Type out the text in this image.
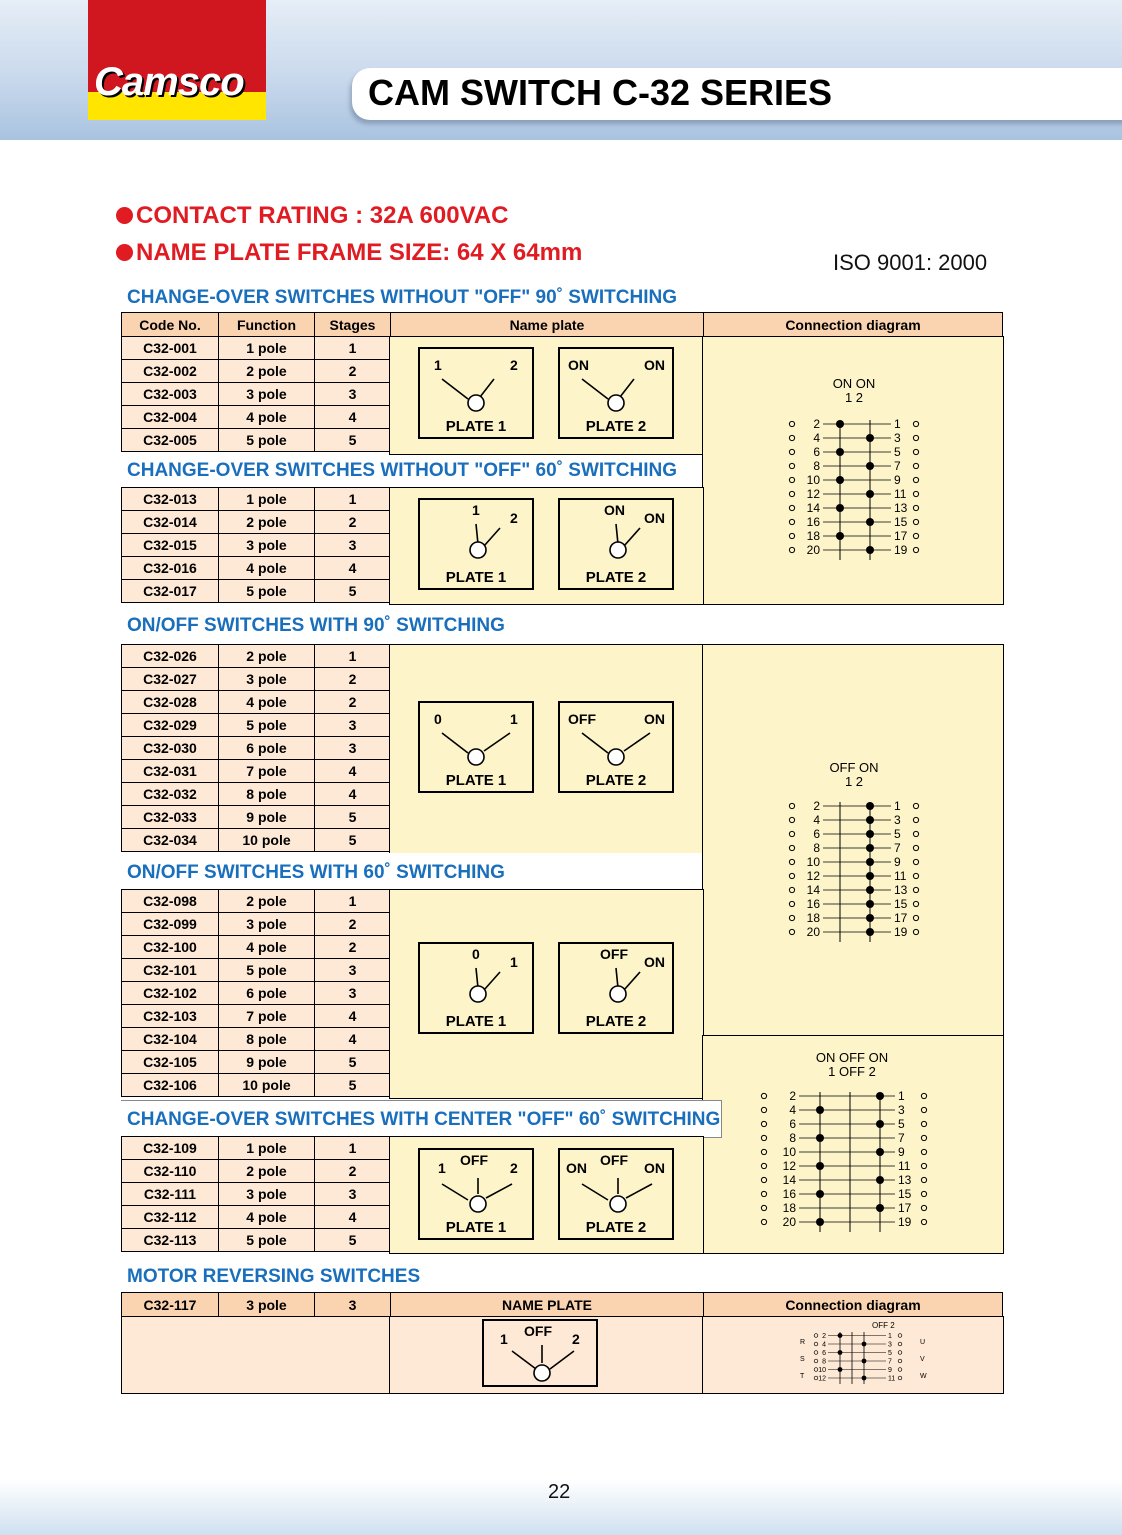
Camsco	CAM SWITCH C-32 SERIES
CONTACT RATING : 32A 600VAC
NAME PLATE FRAME SIZE: 64 X 64mm	ISO 9001: 2000
CHANGE-OVER SWITCHES WITHOUT "OFF" 90˚ SWITCHING
Code No.	Function	Stages	Name plate	Connection diagram
C32-001	1 pole	1
C32-002	2 pole	2
C32-003	3 pole	3
C32-004	4 pole	4
C32-005	5 pole	5
1	2
PLATE 1
ON	ON
PLATE 2
ON ON
1 2
2	1
4	3
6	5
8	7
10	9
12	11
14	13
16	15
18	17
20	19
CHANGE-OVER SWITCHES WITHOUT "OFF" 60˚ SWITCHING
C32-013	1 pole	1
C32-014	2 pole	2
C32-015	3 pole	3
C32-016	4 pole	4
C32-017	5 pole	5
1 2
PLATE 1
ON ON
PLATE 2
ON/OFF SWITCHES WITH 90˚ SWITCHING
C32-026	2 pole	1
C32-027	3 pole	2
C32-028	4 pole	2
C32-029	5 pole	3
C32-030	6 pole	3
C32-031	7 pole	4
C32-032	8 pole	4
C32-033	9 pole	5
C32-034	10 pole	5
0	1
PLATE 1
OFF	ON
PLATE 2
OFF ON
1 2
2	1
4	3
6	5
8	7
10	9
12	11
14	13
16	15
18	17
20	19
ON/OFF SWITCHES WITH 60˚ SWITCHING
C32-098	2 pole	1
C32-099	3 pole	2
C32-100	4 pole	2
C32-101	5 pole	3
C32-102	6 pole	3
C32-103	7 pole	4
C32-104	8 pole	4
C32-105	9 pole	5
C32-106	10 pole	5
0 1
PLATE 1
OFF ON
PLATE 2
ON OFF ON
1 OFF 2
2	1
4	3
6	5
8	7
10	9
12	11
14	13
16	15
18	17
20	19
CHANGE-OVER SWITCHES WITH CENTER "OFF" 60˚ SWITCHING
C32-109	1 pole	1
C32-110	2 pole	2
C32-111	3 pole	3
C32-112	4 pole	4
C32-113	5 pole	5
1 OFF 2
PLATE 1
ON OFF ON
PLATE 2
MOTOR REVERSING SWITCHES
C32-117	3 pole	3	NAME PLATE	Connection diagram
1 OFF 2
OFF 2
2	1
4	3
6	5
8	7
10	9
12	11
R
S
T
U
V
W
22
